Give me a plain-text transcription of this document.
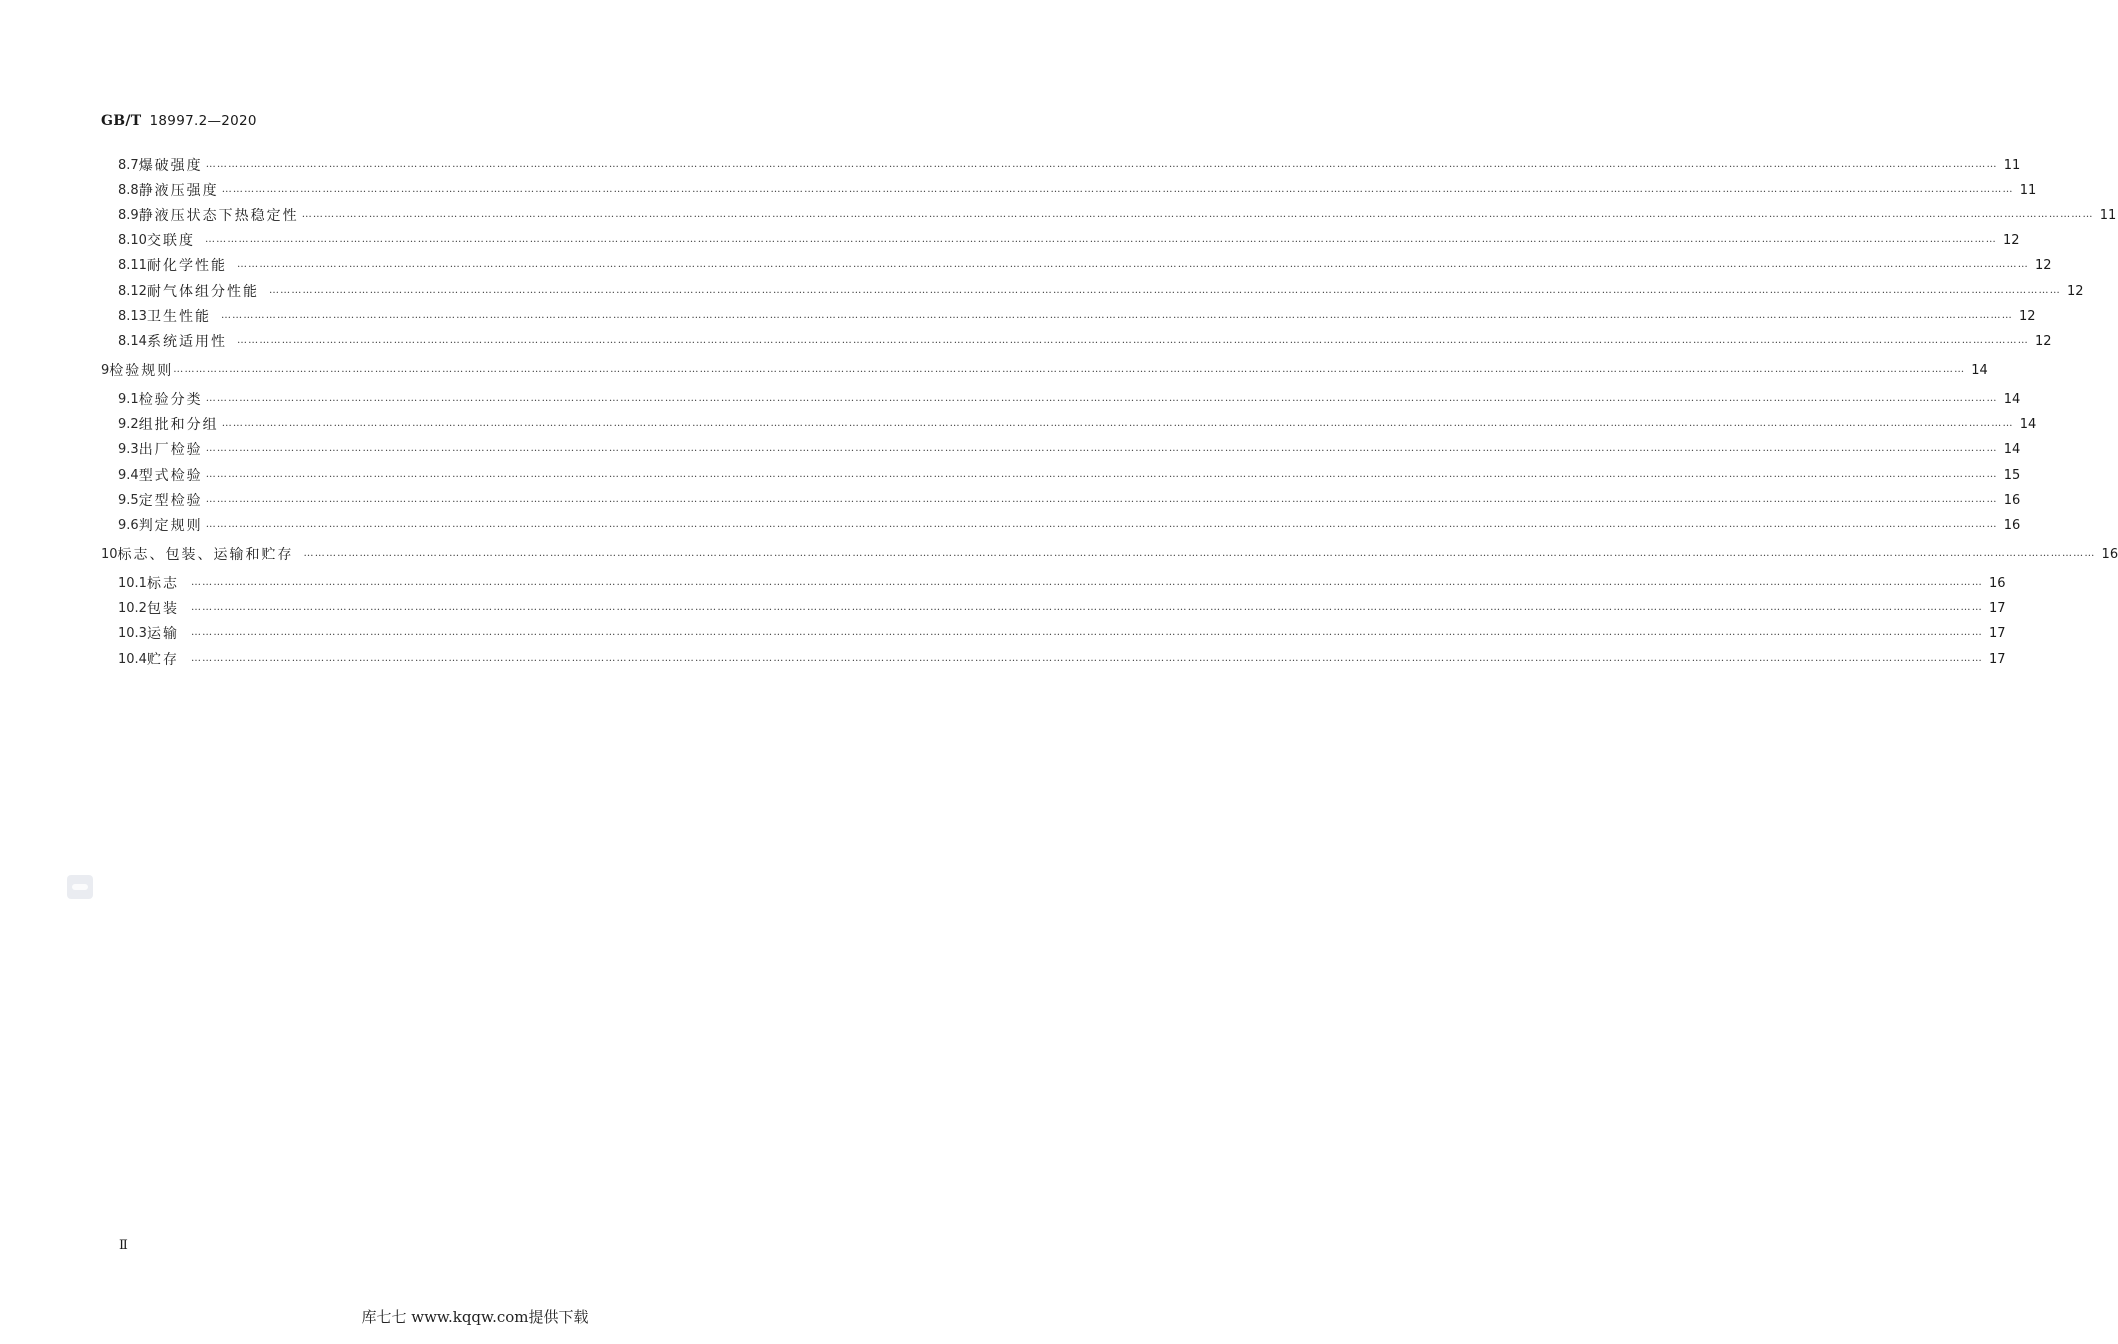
GB/T 18997.2—2020
8.7 爆破强度 ………………………………………………………………………………………………………………………………………………………………………………………………………………………………………………………………………………………………………………………………………………………………………………………………………………………………………… 11
8.8 静液压强度 ………………………………………………………………………………………………………………………………………………………………………………………………………………………………………………………………………………………………………………………………………………………………………………………………………………………………………… 11
8.9 静液压状态下热稳定性 ………………………………………………………………………………………………………………………………………………………………………………………………………………………………………………………………………………………………………………………………………………………………………………………………………………………………………… 11
8.10 交联度 ………………………………………………………………………………………………………………………………………………………………………………………………………………………………………………………………………………………………………………………………………………………………………………………………………………………………………… 12
8.11 耐化学性能 ………………………………………………………………………………………………………………………………………………………………………………………………………………………………………………………………………………………………………………………………………………………………………………………………………………………………………… 12
8.12 耐气体组分性能 ………………………………………………………………………………………………………………………………………………………………………………………………………………………………………………………………………………………………………………………………………………………………………………………………………………………………………… 12
8.13 卫生性能 ………………………………………………………………………………………………………………………………………………………………………………………………………………………………………………………………………………………………………………………………………………………………………………………………………………………………………… 12
8.14 系统适用性 ………………………………………………………………………………………………………………………………………………………………………………………………………………………………………………………………………………………………………………………………………………………………………………………………………………………………………… 12
9 检验规则 ………………………………………………………………………………………………………………………………………………………………………………………………………………………………………………………………………………………………………………………………………………………………………………………………………………………………………… 14
9.1 检验分类 ………………………………………………………………………………………………………………………………………………………………………………………………………………………………………………………………………………………………………………………………………………………………………………………………………………………………………… 14
9.2 组批和分组 ………………………………………………………………………………………………………………………………………………………………………………………………………………………………………………………………………………………………………………………………………………………………………………………………………………………………………… 14
9.3 出厂检验 ………………………………………………………………………………………………………………………………………………………………………………………………………………………………………………………………………………………………………………………………………………………………………………………………………………………………………… 14
9.4 型式检验 ………………………………………………………………………………………………………………………………………………………………………………………………………………………………………………………………………………………………………………………………………………………………………………………………………………………………………… 15
9.5 定型检验 ………………………………………………………………………………………………………………………………………………………………………………………………………………………………………………………………………………………………………………………………………………………………………………………………………………………………………… 16
9.6 判定规则 ………………………………………………………………………………………………………………………………………………………………………………………………………………………………………………………………………………………………………………………………………………………………………………………………………………………………………… 16
10 标志、包装、运输和贮存 ………………………………………………………………………………………………………………………………………………………………………………………………………………………………………………………………………………………………………………………………………………………………………………………………………………………………………… 16
10.1 标志 ………………………………………………………………………………………………………………………………………………………………………………………………………………………………………………………………………………………………………………………………………………………………………………………………………………………………………… 16
10.2 包装 ………………………………………………………………………………………………………………………………………………………………………………………………………………………………………………………………………………………………………………………………………………………………………………………………………………………………………… 17
10.3 运输 ………………………………………………………………………………………………………………………………………………………………………………………………………………………………………………………………………………………………………………………………………………………………………………………………………………………………………… 17
10.4 贮存 ………………………………………………………………………………………………………………………………………………………………………………………………………………………………………………………………………………………………………………………………………………………………………………………………………………………………………… 17
Ⅱ
库七七 www.kqqw.com提供下载
